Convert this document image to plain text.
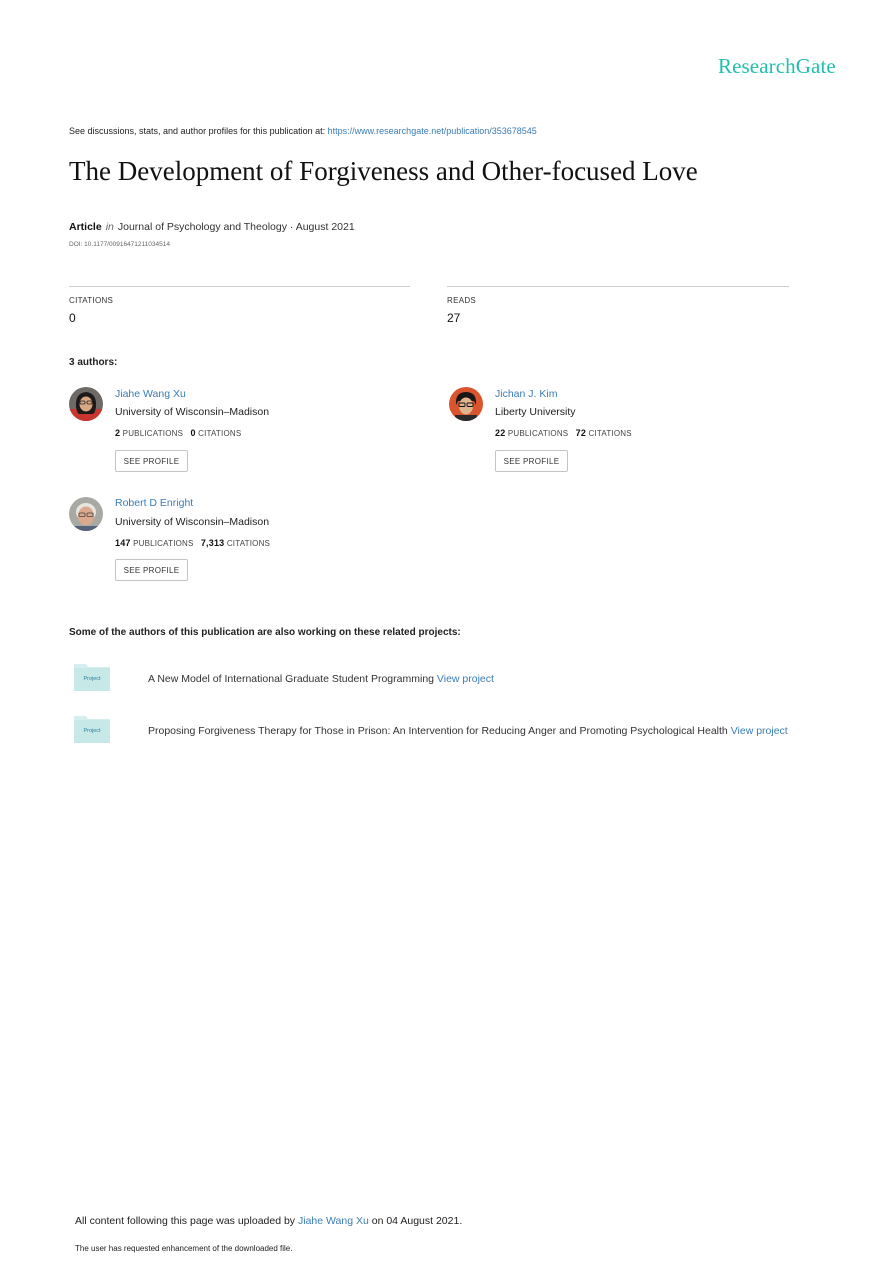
ResearchGate
See discussions, stats, and author profiles for this publication at: https://www.researchgate.net/publication/353678545
The Development of Forgiveness and Other-focused Love
Article in Journal of Psychology and Theology · August 2021
DOI: 10.1177/00916471211034514
CITATIONS
0
READS
27
3 authors:
Jiahe Wang Xu
University of Wisconsin–Madison
2 PUBLICATIONS 0 CITATIONS
SEE PROFILE
Jichan J. Kim
Liberty University
22 PUBLICATIONS 72 CITATIONS
SEE PROFILE
Robert D Enright
University of Wisconsin–Madison
147 PUBLICATIONS 7,313 CITATIONS
SEE PROFILE
Some of the authors of this publication are also working on these related projects:
Project	A New Model of International Graduate Student Programming View project
Project	Proposing Forgiveness Therapy for Those in Prison: An Intervention for Reducing Anger and Promoting Psychological Health View project
All content following this page was uploaded by Jiahe Wang Xu on 04 August 2021.
The user has requested enhancement of the downloaded file.
